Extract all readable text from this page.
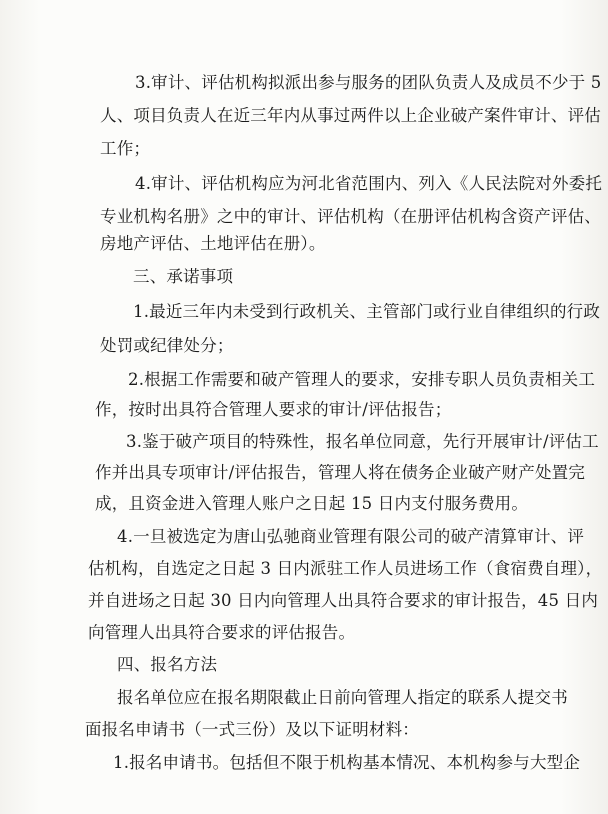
3.审计、评估机构拟派出参与服务的团队负责人及成员不少于 5
人、项目负责人在近三年内从事过两件以上企业破产案件审计、评估
工作；
4.审计、评估机构应为河北省范围内、列入《人民法院对外委托
专业机构名册》之中的审计、评估机构（在册评估机构含资产评估、
房地产评估、土地评估在册）。
三、承诺事项
1.最近三年内未受到行政机关、主管部门或行业自律组织的行政
处罚或纪律处分；
2.根据工作需要和破产管理人的要求，安排专职人员负责相关工
作，按时出具符合管理人要求的审计/评估报告；
3.鉴于破产项目的特殊性，报名单位同意，先行开展审计/评估工
作并出具专项审计/评估报告，管理人将在债务企业破产财产处置完
成，且资金进入管理人账户之日起 15 日内支付服务费用。
4.一旦被选定为唐山弘驰商业管理有限公司的破产清算审计、评
估机构，自选定之日起 3 日内派驻工作人员进场工作（食宿费自理），
并自进场之日起 30 日内向管理人出具符合要求的审计报告，45 日内
向管理人出具符合要求的评估报告。
四、报名方法
报名单位应在报名期限截止日前向管理人指定的联系人提交书
面报名申请书（一式三份）及以下证明材料：
1.报名申请书。包括但不限于机构基本情况、本机构参与大型企
